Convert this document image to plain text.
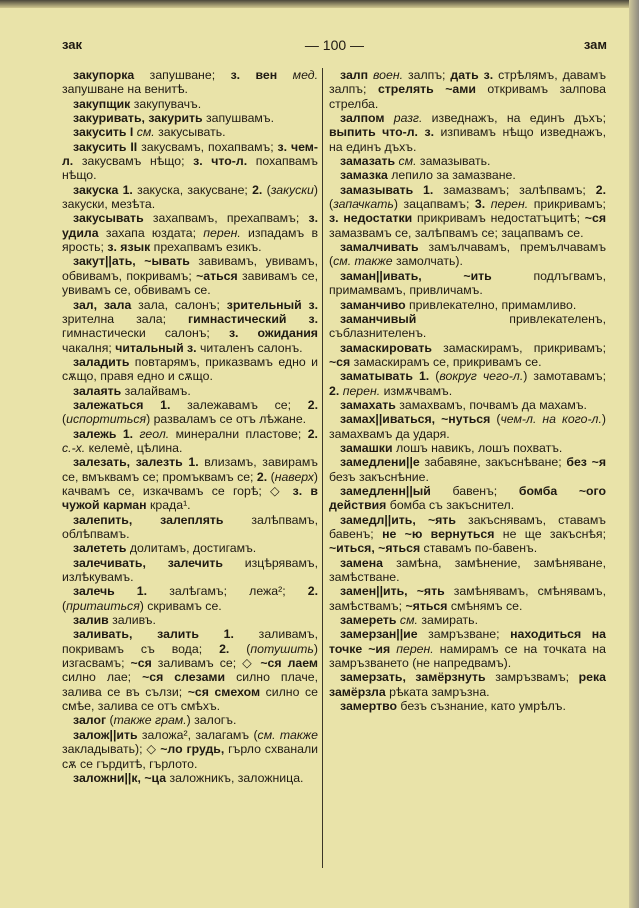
зак	— 100 —	зам

закупорка запушване; з. вен мед. запушване на венитѣ.

закупщик закупувачъ.

закуривать, закурить запушвамъ.

закусить I см. закусывать.

закусить II закусвамъ, похапвамъ; з. чем-л. закусвамъ нѣщо; з. что-л. похапвамъ нѣщо.

закуска 1. закуска, закусване; 2. (закуски) закуски, мезѣта.

закусывать захапвамъ, прехапвамъ; з. удила захапа юздата; перен. изпадамъ в ярость; з. язык прехапвамъ езикъ.

закут||ать, ~ывать завивамъ, увивамъ, обвивамъ, покривамъ; ~аться завивамъ се, увивамъ се, обвивамъ се.

зал, зала зала, салонъ; зрительный з. зрителна зала; гимнастический з. гимнастически салонъ; з. ожидания чакалня; читальный з. читаленъ салонъ.

заладить повтарямъ, приказвамъ едно и сѫщо, правя едно и сѫщо.

залаять залайвамъ.

залежаться 1. залежавамъ се; 2. (испортиться) разваламъ се отъ лѣжане.

залежь 1. геол. минерални пластове; 2. с.-х. келемѐ, цѣлина.

залезать, залезть 1. влизамъ, завирамъ се, вмъквамъ се; промъквамъ се; 2. (наверх) качвамъ се, изкачвамъ се горѣ; ◇ з. в чужой карман крада¹.

залепить, залеплять залѣпвамъ, облѣпвамъ.

залететь долитамъ, достигамъ.

залечивать, залечить изцѣрявамъ, излѣкувамъ.

залечь 1. залѣгамъ; лежа²; 2. (притаиться) скривамъ се.

залив заливъ.

заливать, залить 1. заливамъ, покривамъ съ вода; 2. (потушить) изгасвамъ; ~ся заливамъ се; ◇ ~ся лаем силно лае; ~ся слезами силно плаче, залива се въ сълзи; ~ся смехом силно се смѣе, залива се отъ смѣхъ.

залог (также грам.) залогъ.

залож||ить заложа², залагамъ (см. также закладывать); ◇ ~ло грудь, гърло схванали сѫ се гърдитѣ, гърлото.

заложни||к, ~ца заложникъ, заложница.

залп воен. залпъ; дать з. стрѣлямъ, давамъ залпъ; стрелять ~ами откривамъ залпова стрелба.

залпом разг. изведнажъ, на единъ дъхъ; выпить что-л. з. изпивамъ нѣщо изведнажъ, на единъ дъхъ.

замазать см. замазывать.

замазка лепило за замазване.

замазывать 1. замазвамъ; залѣпвамъ; 2. (запачкать) зацапвамъ; 3. перен. прикривамъ; з. недостатки прикривамъ недостатъцитѣ; ~ся замазвамъ се, залѣпвамъ се; зацапвамъ се.

замалчивать замълчавамъ, премълчавамъ (см. также замолчать).

заман||ивать, ~ить подлъгвамъ, примамвамъ, привличамъ.

заманчиво привлекателно, примамливо.

заманчивый привлекателенъ, съблазнителенъ.

замаскировать замаскирамъ, прикривамъ; ~ся замаскирамъ се, прикривамъ се.

заматывать 1. (вокруг чего-л.) замотавамъ; 2. перен. измѫчвамъ.

замахать замахвамъ, почвамъ да махамъ.

замах||иваться, ~нуться (чем-л. на кого-л.) замахвамъ да ударя.

замашки лошъ навикъ, лошъ похватъ.

замедлени||е забавяне, закъснѣване; без ~я безъ закъснѣние.

замедленн||ый бавенъ; бомба ~ого действия бомба съ закъснител.

замедл||ить, ~ять закъснявамъ, ставамъ бавенъ; не ~ю вернуться не ще закъснѣя; ~иться, ~яться ставамъ по-бавенъ.

замена замѣна, замѣнение, замѣняване, замѣстване.

замен||ить, ~ять замѣнявамъ, смѣнявамъ, замѣствамъ; ~яться смѣнямъ се.

замереть см. замирать.

замерзан||ие замръзване; находиться на точке ~ия перен. намирамъ се на точката на замръзването (не напредвамъ).

замерзать, замёрзнуть замръзвамъ; река замёрзла рѣката замръзна.

замертво безъ съзнание, като умрѣлъ.
